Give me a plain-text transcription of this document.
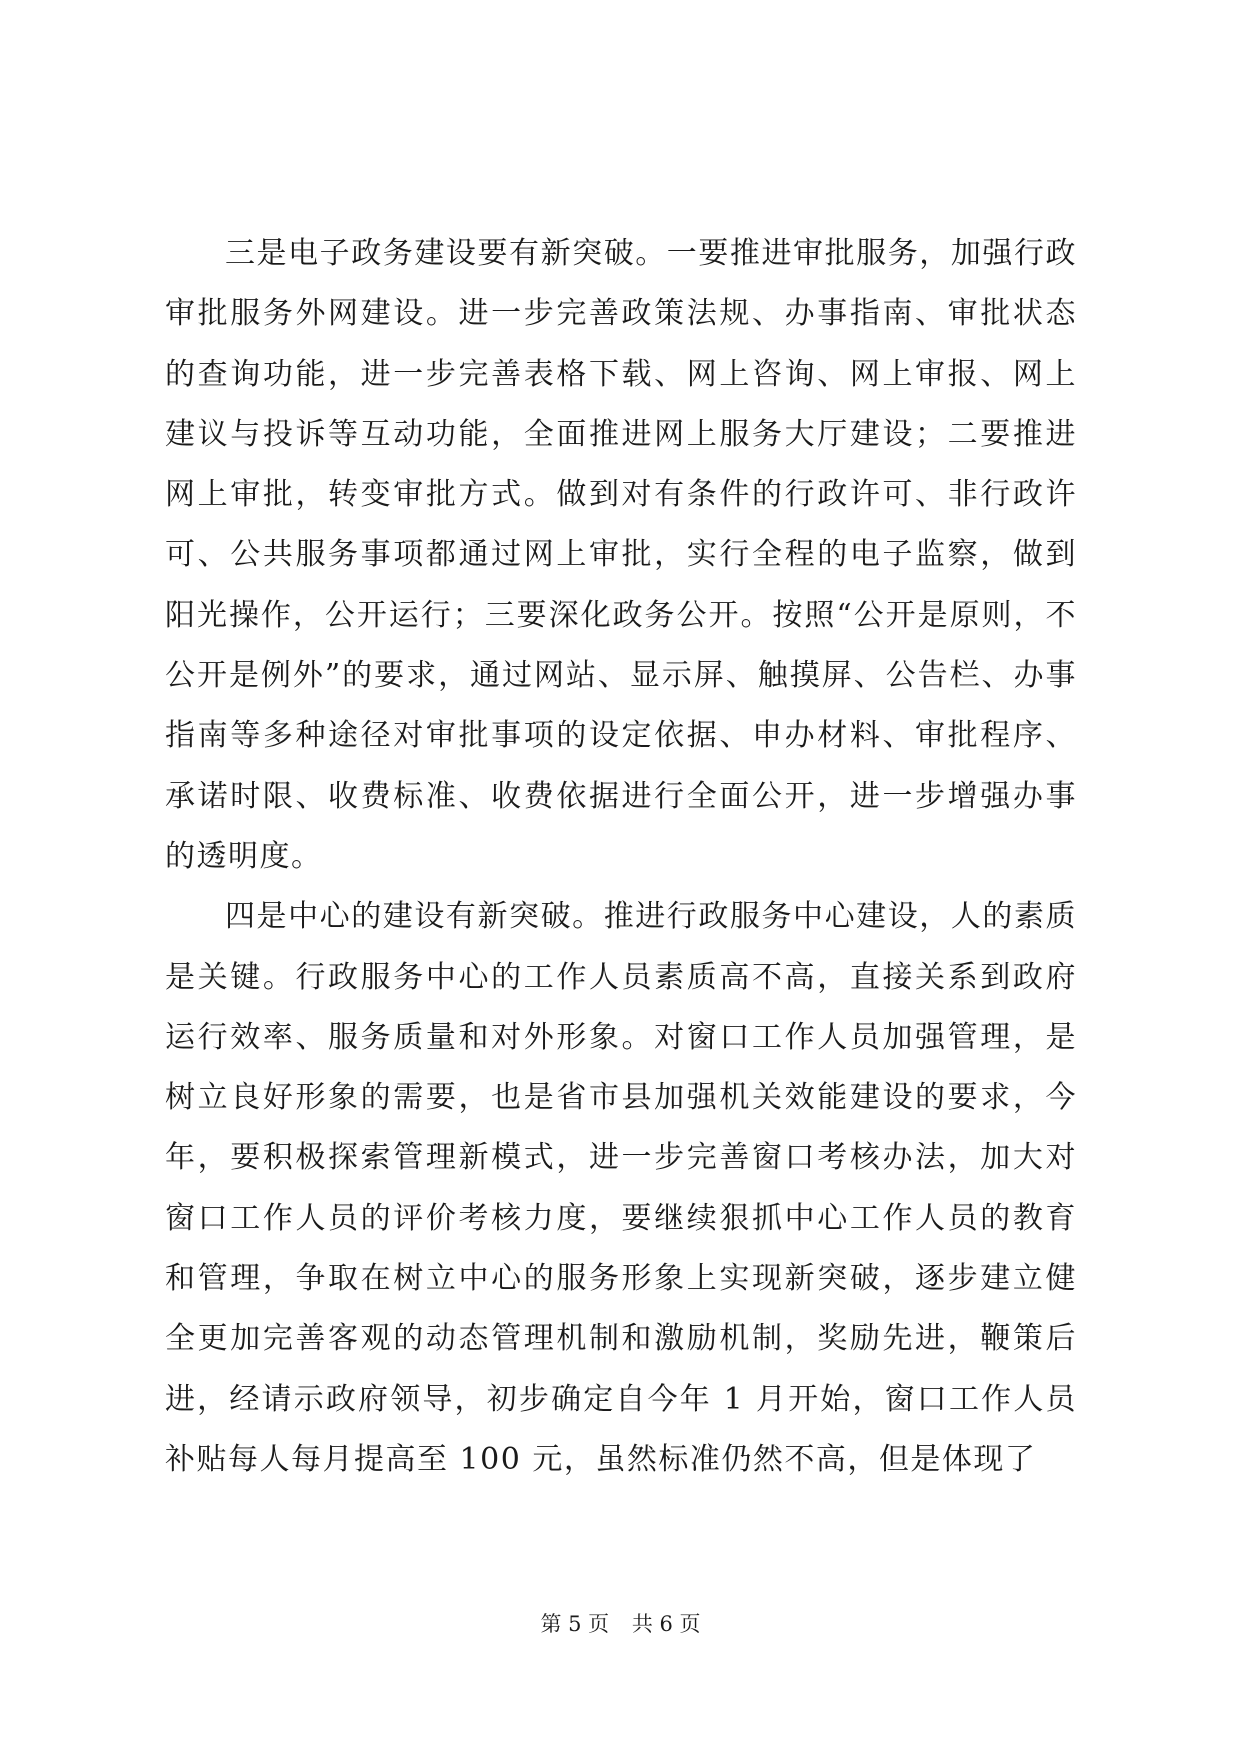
三是电子政务建设要有新突破。一要推进审批服务，加强行政审批服务外网建设。进一步完善政策法规、办事指南、审批状态的查询功能，进一步完善表格下载、网上咨询、网上审报、网上建议与投诉等互动功能，全面推进网上服务大厅建设；二要推进网上审批，转变审批方式。做到对有条件的行政许可、非行政许可、公共服务事项都通过网上审批，实行全程的电子监察，做到阳光操作，公开运行；三要深化政务公开。按照“公开是原则，不公开是例外”的要求，通过网站、显示屏、触摸屏、公告栏、办事指南等多种途径对审批事项的设定依据、申办材料、审批程序、承诺时限、收费标准、收费依据进行全面公开，进一步增强办事的透明度。

四是中心的建设有新突破。推进行政服务中心建设，人的素质是关键。行政服务中心的工作人员素质高不高，直接关系到政府运行效率、服务质量和对外形象。对窗口工作人员加强管理，是树立良好形象的需要，也是省市县加强机关效能建设的要求，今年，要积极探索管理新模式，进一步完善窗口考核办法，加大对窗口工作人员的评价考核力度，要继续狠抓中心工作人员的教育和管理，争取在树立中心的服务形象上实现新突破，逐步建立健全更加完善客观的动态管理机制和激励机制，奖励先进，鞭策后进，经请示政府领导，初步确定自今年 1 月开始，窗口工作人员补贴每人每月提高至 100 元，虽然标准仍然不高，但是体现了

第 5 页 共 6 页
